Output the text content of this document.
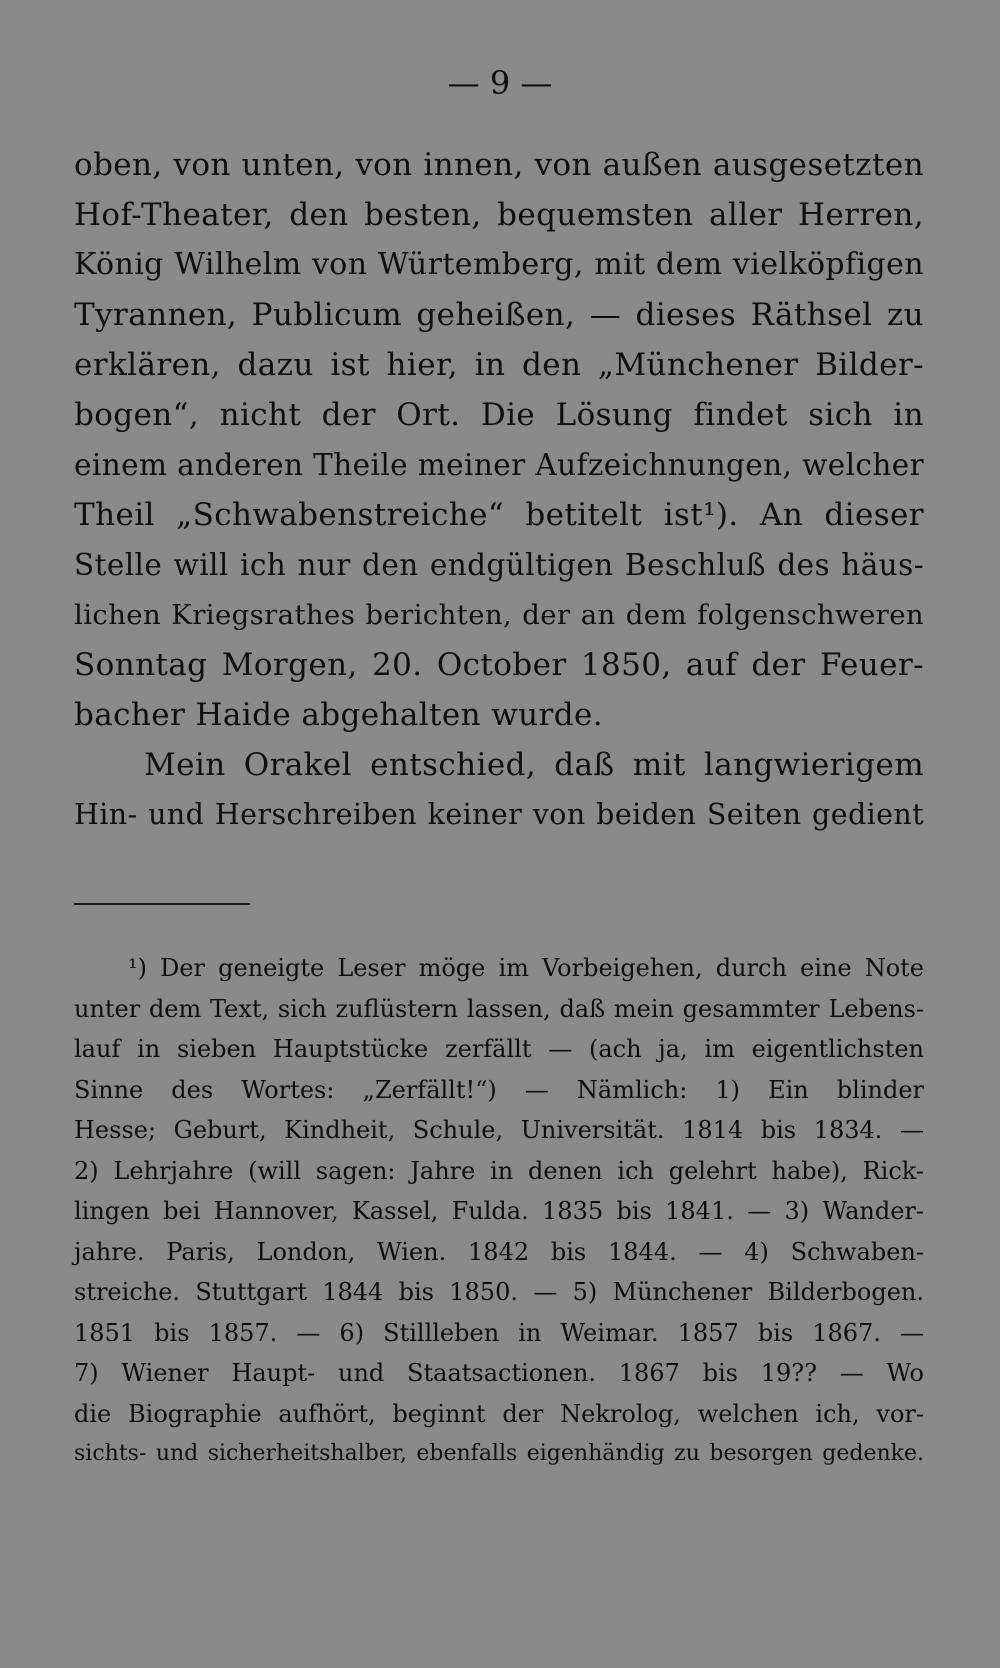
— 9 —
oben, von unten, von innen, von außen ausgesetzten
Hof-Theater, den besten, bequemsten aller Herren,
König Wilhelm von Würtemberg, mit dem vielköpfigen
Tyrannen, Publicum geheißen, — dieses Räthsel zu
erklären, dazu ist hier, in den „Münchener Bilder-
bogen“, nicht der Ort. Die Lösung findet sich in
einem anderen Theile meiner Aufzeichnungen, welcher
Theil „Schwabenstreiche“ betitelt ist¹). An dieser
Stelle will ich nur den endgültigen Beschluß des häus-
lichen Kriegsrathes berichten, der an dem folgenschweren
Sonntag Morgen, 20. October 1850, auf der Feuer-
bacher Haide abgehalten wurde.
Mein Orakel entschied, daß mit langwierigem
Hin- und Herschreiben keiner von beiden Seiten gedient
¹) Der geneigte Leser möge im Vorbeigehen, durch eine Note
unter dem Text, sich zuflüstern lassen, daß mein gesammter Lebens-
lauf in sieben Hauptstücke zerfällt — (ach ja, im eigentlichsten
Sinne des Wortes: „Zerfällt!“) — Nämlich: 1) Ein blinder
Hesse; Geburt, Kindheit, Schule, Universität. 1814 bis 1834. —
2) Lehrjahre (will sagen: Jahre in denen ich gelehrt habe), Rick-
lingen bei Hannover, Kassel, Fulda. 1835 bis 1841. — 3) Wander-
jahre. Paris, London, Wien. 1842 bis 1844. — 4) Schwaben-
streiche. Stuttgart 1844 bis 1850. — 5) Münchener Bilderbogen.
1851 bis 1857. — 6) Stillleben in Weimar. 1857 bis 1867. —
7) Wiener Haupt- und Staatsactionen. 1867 bis 19?? — Wo
die Biographie aufhört, beginnt der Nekrolog, welchen ich, vor-
sichts- und sicherheitshalber, ebenfalls eigenhändig zu besorgen gedenke.
